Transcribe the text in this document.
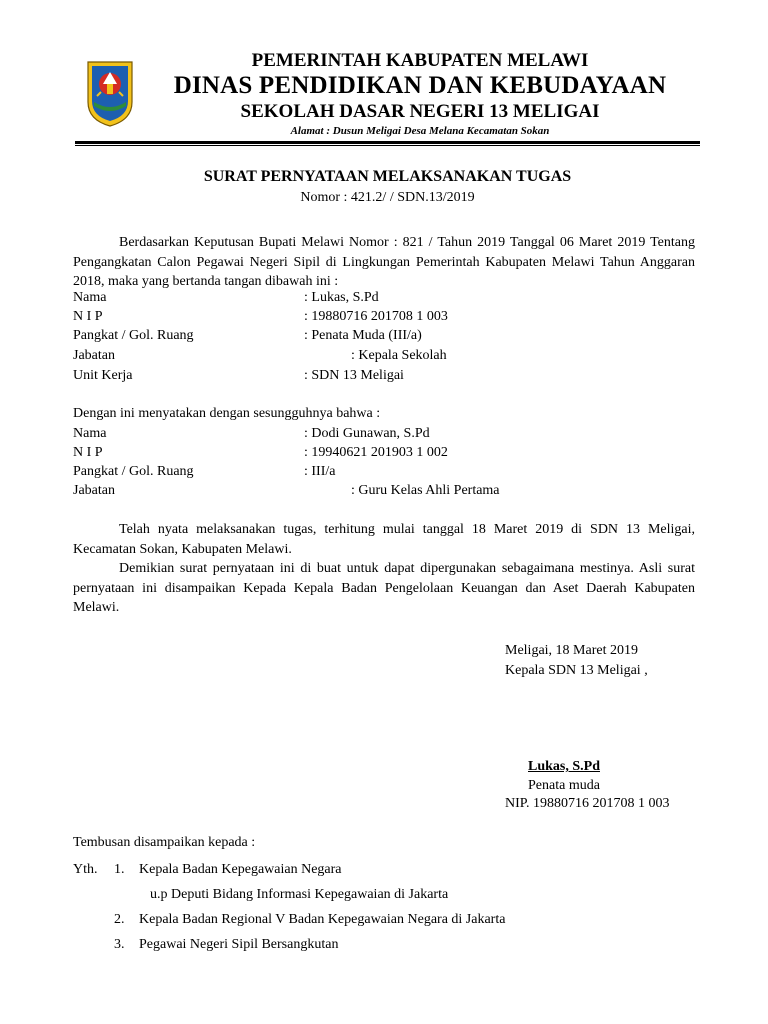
PEMERINTAH KABUPATEN MELAWI
DINAS PENDIDIKAN DAN KEBUDAYAAN
SEKOLAH DASAR NEGERI 13 MELIGAI
Alamat : Dusun Meligai Desa Melana Kecamatan Sokan
SURAT PERNYATAAN MELAKSANAKAN TUGAS
Nomor : 421.2/ / SDN.13/2019

Berdasarkan Keputusan Bupati Melawi Nomor : 821 / Tahun 2019 Tanggal 06 Maret 2019 Tentang Pengangkatan Calon Pegawai Negeri Sipil di Lingkungan Pemerintah Kabupaten Melawi Tahun Anggaran 2018, maka yang bertanda tangan dibawah ini :

Nama	: Lukas, S.Pd
N I P	: 19880716 201708 1 003
Pangkat / Gol. Ruang	: Penata Muda (III/a)
Jabatan	: Kepala Sekolah
Unit Kerja	: SDN 13 Meligai
Dengan ini menyatakan dengan sesungguhnya bahwa :
Nama	: Dodi Gunawan, S.Pd
N I P	: 19940621 201903 1 002
Pangkat / Gol. Ruang	: III/a
Jabatan	: Guru Kelas Ahli Pertama

Telah nyata melaksanakan tugas, terhitung mulai tanggal 18 Maret 2019 di SDN 13 Meligai, Kecamatan Sokan, Kabupaten Melawi.

Demikian surat pernyataan ini di buat untuk dapat dipergunakan sebagaimana mestinya. Asli surat pernyataan ini disampaikan Kepada Kepala Badan Pengelolaan Keuangan dan Aset Daerah Kabupaten Melawi.

Meligai, 18 Maret 2019
Kepala SDN 13 Meligai ,
Lukas, S.Pd
Penata muda
NIP. 19880716 201708 1 003
Tembusan disampaikan kepada :
Yth. 1. Kepala Badan Kepegawaian Negara
u.p Deputi Bidang Informasi Kepegawaian di Jakarta
2. Kepala Badan Regional V Badan Kepegawaian Negara di Jakarta
3. Pegawai Negeri Sipil Bersangkutan
